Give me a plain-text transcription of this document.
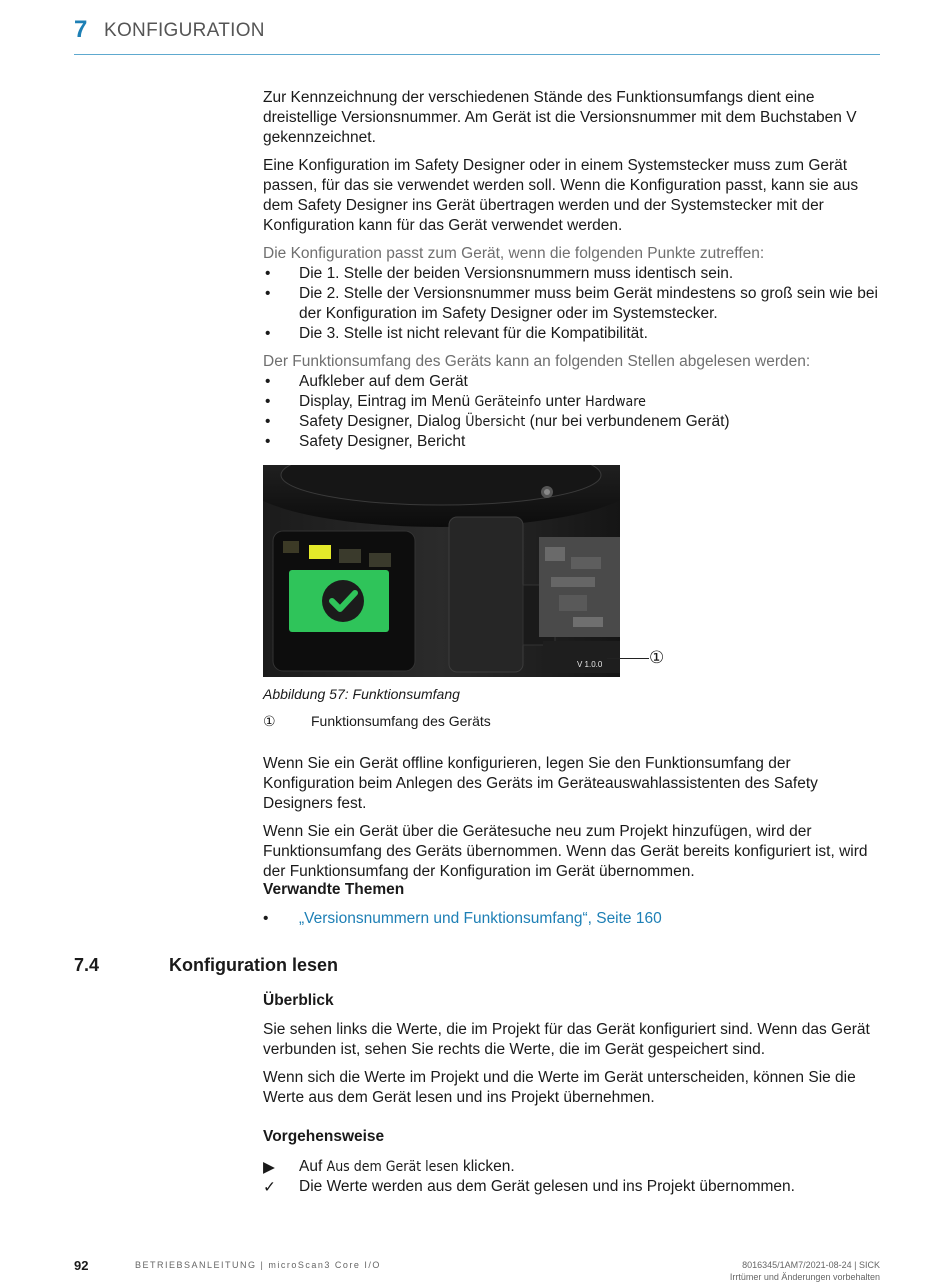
7 KONFIGURATION

Zur Kennzeichnung der verschiedenen Stände des Funktionsumfangs dient eine dreistellige Versionsnummer. Am Gerät ist die Versionsnummer mit dem Buchstaben V gekennzeichnet.

Eine Konfiguration im Safety Designer oder in einem Systemstecker muss zum Gerät passen, für das sie verwendet werden soll. Wenn die Konfiguration passt, kann sie aus dem Safety Designer ins Gerät übertragen werden und der Systemstecker mit der Konfiguration kann für das Gerät verwendet werden.

Die Konfiguration passt zum Gerät, wenn die folgenden Punkte zutreffen:

• Die 1. Stelle der beiden Versionsnummern muss identisch sein.
• Die 2. Stelle der Versionsnummer muss beim Gerät mindestens so groß sein wie bei der Konfiguration im Safety Designer oder im Systemstecker.
• Die 3. Stelle ist nicht relevant für die Kompatibilität.

Der Funktionsumfang des Geräts kann an folgenden Stellen abgelesen werden:

• Aufkleber auf dem Gerät
• Display, Eintrag im Menü Geräteinfo unter Hardware
• Safety Designer, Dialog Übersicht (nur bei verbundenem Gerät)
• Safety Designer, Bericht
V 1.0.0	①
Abbildung 57: Funktionsumfang
①	Funktionsumfang des Geräts

Wenn Sie ein Gerät offline konfigurieren, legen Sie den Funktionsumfang der Konfiguration beim Anlegen des Geräts im Geräteauswahlassistenten des Safety Designers fest.

Wenn Sie ein Gerät über die Gerätesuche neu zum Projekt hinzufügen, wird der Funktionsumfang des Geräts übernommen. Wenn das Gerät bereits konfiguriert ist, wird der Funktionsumfang der Konfiguration im Gerät übernommen.

Verwandte Themen
• „Versionsnummern und Funktionsumfang“, Seite 160
7.4	Konfiguration lesen
Überblick

Sie sehen links die Werte, die im Projekt für das Gerät konfiguriert sind. Wenn das Gerät verbunden ist, sehen Sie rechts die Werte, die im Gerät gespeichert sind.

Wenn sich die Werte im Projekt und die Werte im Gerät unterscheiden, können Sie die Werte aus dem Gerät lesen und ins Projekt übernehmen.

Vorgehensweise
▶ Auf Aus dem Gerät lesen klicken.
✓ Die Werte werden aus dem Gerät gelesen und ins Projekt übernommen.
92	BETRIEBSANLEITUNG | microScan3 Core I/O	8016345/1AM7/2021-08-24 | SICK
Irrtümer und Änderungen vorbehalten
